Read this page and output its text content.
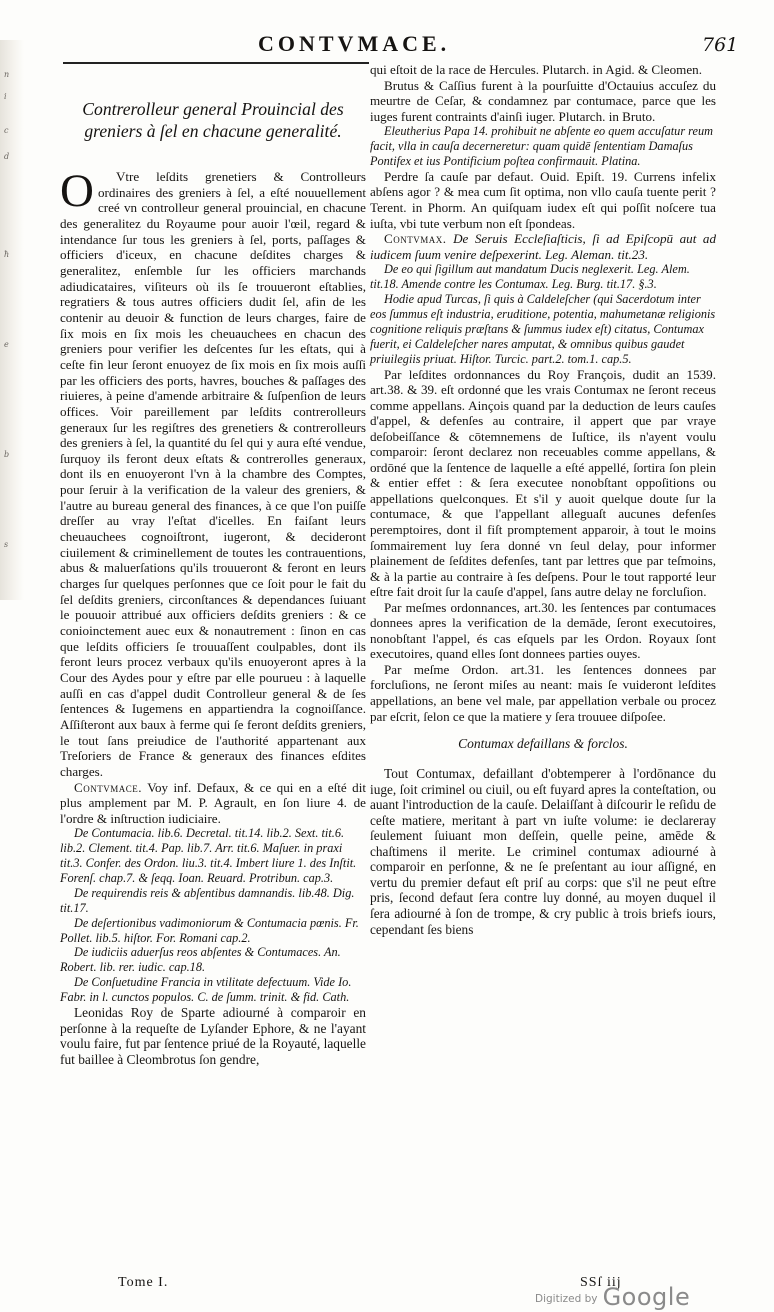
n
i
c
d
ħ
e
b
s
CONTVMACE.	761
Contrerolleur general Prouincial des greniers à ſel en chacune generalité.

O Vtre leſdits grenetiers & Controlleurs ordinaires des greniers à ſel, a eſté nouuellement creé vn controlleur general prouincial, en chacune des generalitez du Royaume pour auoir l'œil, regard & intendance ſur tous les greniers à ſel, ports, paſſages & officiers d'iceux, en chacune deſdites charges & generalitez, enſemble ſur les officiers marchands adiudicataires, viſiteurs où ils ſe trouueront eſtablies, regratiers & tous autres officiers dudit ſel, afin de les contenir au deuoir & function de leurs charges, faire de ſix mois en ſix mois les cheuauchees en chacun des greniers pour verifier les deſcentes ſur les eſtats, qui à ceſte fin leur ſeront enuoyez de ſix mois en ſix mois auſſi par les officiers des ports, havres, bouches & paſſages des riuieres, à peine d'amende arbitraire & ſuſpenſion de leurs offices. Voir pareillement par leſdits contrerolleurs generaux ſur les regiſtres des grenetiers & contrerolleurs des greniers à ſel, la quantité du ſel qui y aura eſté vendue, ſurquoy ils feront deux eſtats & contrerolles generaux, dont ils en enuoyeront l'vn à la chambre des Comptes, pour ſeruir à la verification de la valeur des greniers, & l'autre au bureau general des finances, à ce que l'on puiſſe dreſſer au vray l'eſtat d'icelles. En faiſant leurs cheuauchees cognoiſtront, iugeront, & decideront ciuilement & criminellement de toutes les contrauentions, abus & maluerſations qu'ils trouueront & feront en leurs charges ſur quelques perſonnes que ce ſoit pour le fait du ſel deſdits greniers, circonſtances & dependances ſuiuant le pouuoir attribué aux officiers deſdits greniers : & ce conioinctement auec eux & nonautrement : ſinon en cas que leſdits officiers ſe trouuaſſent coulpables, dont ils feront leurs procez verbaux qu'ils enuoyeront apres à la Cour des Aydes pour y eſtre par elle pourueu : à laquelle auſſi en cas d'appel dudit Controlleur general & de ſes ſentences & Iugemens en appartiendra la cognoiſſance. Aſſiſteront aux baux à ferme qui ſe feront deſdits greniers, le tout ſans preiudice de l'authorité appartenant aux Treſoriers de France & generaux des finances eſdites charges.

Contvmace. Voy inf. Defaux, & ce qui en a eſté dit plus amplement par M. P. Agrault, en ſon liure 4. de l'ordre & inſtruction iudiciaire.

De Contumacia. lib.6. Decretal. tit.14. lib.2. Sext. tit.6. lib.2. Clement. tit.4. Pap. lib.7. Arr. tit.6. Maſuer. in praxi tit.3. Confer. des Ordon. liu.3. tit.4. Imbert liure 1. des Inſtit. Forenſ. chap.7. & ſeqq. Ioan. Reuard. Protribun. cap.3.

De requirendis reis & abſentibus damnandis. lib.48. Dig. tit.17.

De deſertionibus vadimoniorum & Contumacia pœnis. Fr. Pollet. lib.5. hiſtor. For. Romani cap.2.

De iudiciis aduerſus reos abſentes & Contumaces. An. Robert. lib. rer. iudic. cap.18.

De Conſuetudine Francia in vtilitate defectuum. Vide Io. Fabr. in l. cunctos populos. C. de ſumm. trinit. & fid. Cath.

Leonidas Roy de Sparte adiourné à comparoir en perſonne à la requeſte de Lyſander Ephore, & ne l'ayant voulu faire, fut par ſentence priué de la Royauté, laquelle fut baillee à Cleombrotus ſon gendre,

qui eſtoit de la race de Hercules. Plutarch. in Agid. & Cleomen.

Brutus & Caſſius furent à la pourſuitte d'Octauius accuſez du meurtre de Ceſar, & condamnez par contumace, parce que les iuges furent contraints d'ainſi iuger. Plutarch. in Bruto.

Eleutherius Papa 14. prohibuit ne abſente eo quem accuſatur reum facit, vlla in cauſa decerneretur: quam quidē ſententiam Damaſus Pontifex et ius Pontificium poſtea confirmauit. Platina.

Perdre ſa cauſe par defaut. Ouid. Epiſt. 19. Currens infelix abſens agor ? & mea cum ſit optima, non vllo cauſa tuente perit ? Terent. in Phorm. An quiſquam iudex eſt qui poſſit noſcere tua iuſta, vbi tute verbum non eſt ſpondeas.

Contvmax. De Seruis Eccleſiaſticis, ſi ad Epiſcopū aut ad iudicem ſuum venire deſpexerint. Leg. Aleman. tit.23.

De eo qui ſigillum aut mandatum Ducis neglexerit. Leg. Alem. tit.18. Amende contre les Contumax. Leg. Burg. tit.17. §.3.

Hodie apud Turcas, ſi quis à Caldeleſcher (qui Sacerdotum inter eos ſummus eſt industria, eruditione, potentia, mahumetanæ religionis cognitione reliquis præſtans & ſummus iudex eſt) citatus, Contumax fuerit, ei Caldeleſcher nares amputat, & omnibus quibus gaudet priuilegiis priuat. Hiſtor. Turcic. part.2. tom.1. cap.5.

Par leſdites ordonnances du Roy François, dudit an 1539. art.38. & 39. eſt ordonné que les vrais Contumax ne ſeront receus comme appellans. Ainçois quand par la deduction de leurs cauſes d'appel, & defenſes au contraire, il appert que par vraye deſobeiſſance & cōtemnemens de Iuſtice, ils n'ayent voulu comparoir: ſeront declarez non receuables comme appellans, & ordōné que la ſentence de laquelle a eſté appellé, ſortira ſon plein & entier effet : & ſera executee nonobſtant oppoſitions ou appellations quelconques. Et s'il y auoit quelque doute ſur la contumace, & que l'appellant alleguaſt aucunes defenſes peremptoires, dont il fiſt promptement apparoir, à tout le moins ſommairement luy ſera donné vn ſeul delay, pour informer plainement de ſeſdites defenſes, tant par lettres que par teſmoins, & à la partie au contraire à ſes deſpens. Pour le tout rapporté leur eſtre fait droit ſur la cauſe d'appel, ſans autre delay ne forcluſion.

Par meſmes ordonnances, art.30. les ſentences par contumaces donnees apres la verification de la demāde, ſeront executoires, nonobſtant l'appel, és cas eſquels par les Ordon. Royaux ſont executoires, quand elles ſont donnees parties ouyes.

Par meſme Ordon. art.31. les ſentences donnees par forcluſions, ne ſeront miſes au neant: mais ſe vuideront leſdites appellations, an bene vel male, par appellation verbale ou procez par eſcrit, ſelon ce que la matiere y ſera trouuee diſpoſee.

Contumax defaillans & forclos.

Tout Contumax, defaillant d'obtemperer à l'ordōnance du iuge, ſoit criminel ou ciuil, ou eſt fuyard apres la conteſtation, ou auant l'introduction de la cauſe. Delaiſſant à diſcourir le reſidu de ceſte matiere, meritant à part vn iuſte volume: ie declareray ſeulement ſuiuant mon deſſein, quelle peine, amēde & chaſtimens il merite. Le criminel contumax adiourné à comparoir en perſonne, & ne ſe preſentant au iour aſſigné, en vertu du premier defaut eſt priſ au corps: que s'il ne peut eſtre pris, ſecond defaut ſera contre luy donné, au moyen duquel il ſera adiourné à ſon de trompe, & cry public à trois briefs iours, cependant ſes biens

Tome I.	SSſ iij
Digitized by Google
